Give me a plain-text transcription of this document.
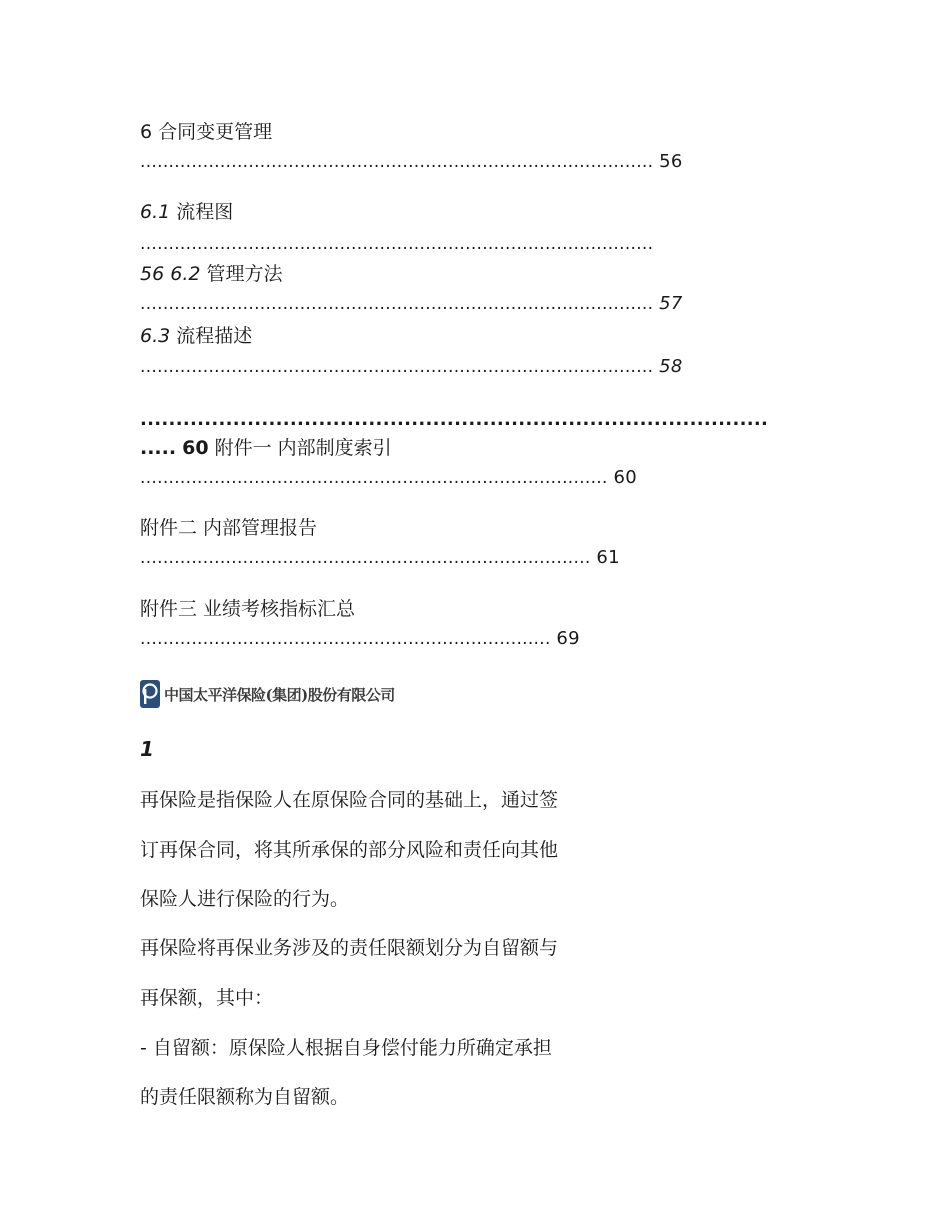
6 合同变更管理
.......................................................................................... 56
6.1 流程图
..........................................................................................
56 6.2 管理方法
.......................................................................................... 57
6.3 流程描述
.......................................................................................... 58
........................................................................................
..... 60 附件一 内部制度索引
.................................................................................. 60
附件二 内部管理报告
............................................................................... 61
附件三 业绩考核指标汇总
........................................................................ 69
中国太平洋保险(集团)股份有限公司
1
再保险是指保险人在原保险合同的基础上，通过签
订再保合同，将其所承保的部分风险和责任向其他
保险人进行保险的行为。
再保险将再保业务涉及的责任限额划分为自留额与
再保额，其中：
- 自留额：原保险人根据自身偿付能力所确定承担
的责任限额称为自留额。
